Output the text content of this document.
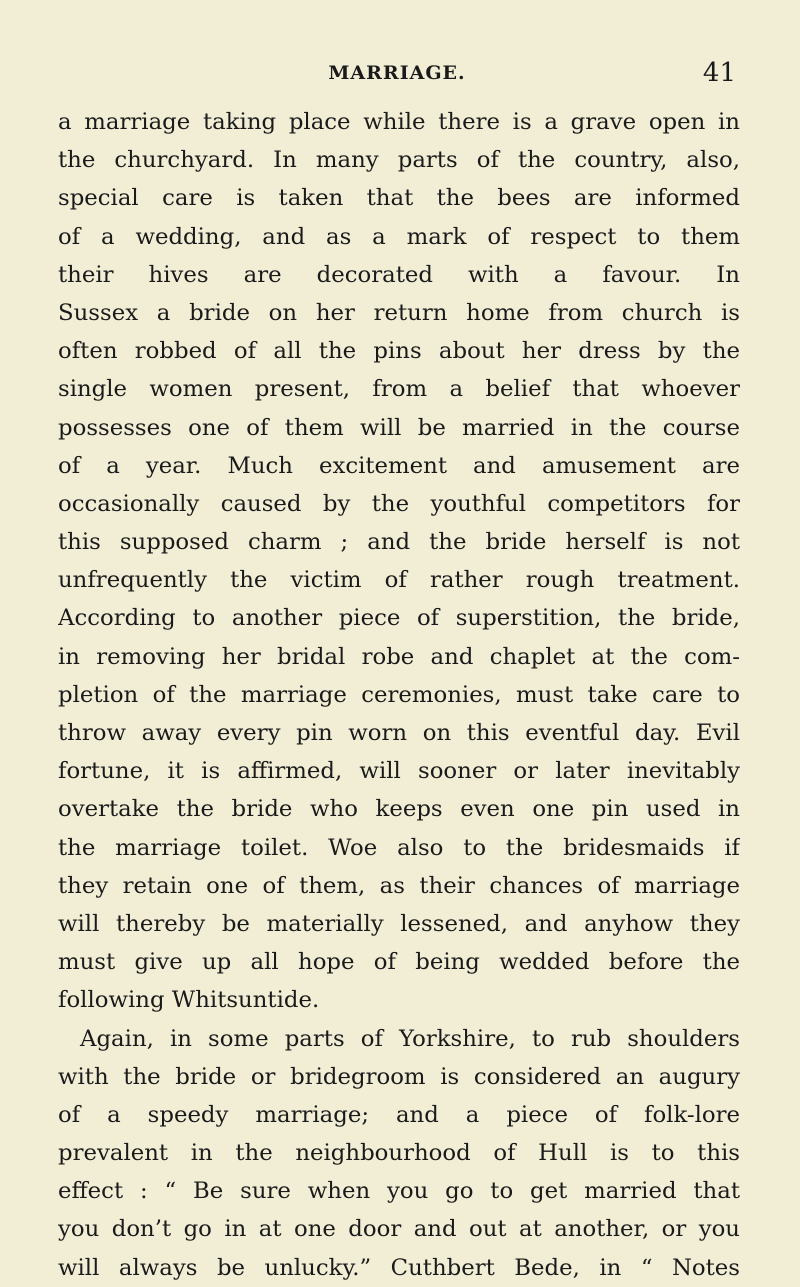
MARRIAGE.	41
a marriage taking place while there is a grave open in
the churchyard. In many parts of the country, also,
special care is taken that the bees are informed
of a wedding, and as a mark of respect to them
their hives are decorated with a favour. In
Sussex a bride on her return home from church is
often robbed of all the pins about her dress by the
single women present, from a belief that whoever
possesses one of them will be married in the course
of a year. Much excitement and amusement are
occasionally caused by the youthful competitors for
this supposed charm ; and the bride herself is not
unfrequently the victim of rather rough treatment.
According to another piece of superstition, the bride,
in removing her bridal robe and chaplet at the com-
pletion of the marriage ceremonies, must take care to
throw away every pin worn on this eventful day. Evil
fortune, it is affirmed, will sooner or later inevitably
overtake the bride who keeps even one pin used in
the marriage toilet. Woe also to the bridesmaids if
they retain one of them, as their chances of marriage
will thereby be materially lessened, and anyhow they
must give up all hope of being wedded before the
following Whitsuntide.
Again, in some parts of Yorkshire, to rub shoulders
with the bride or bridegroom is considered an augury
of a speedy marriage; and a piece of folk-lore
prevalent in the neighbourhood of Hull is to this
effect : “ Be sure when you go to get married that
you don’t go in at one door and out at another, or you
will always be unlucky.” Cuthbert Bede, in “ Notes
